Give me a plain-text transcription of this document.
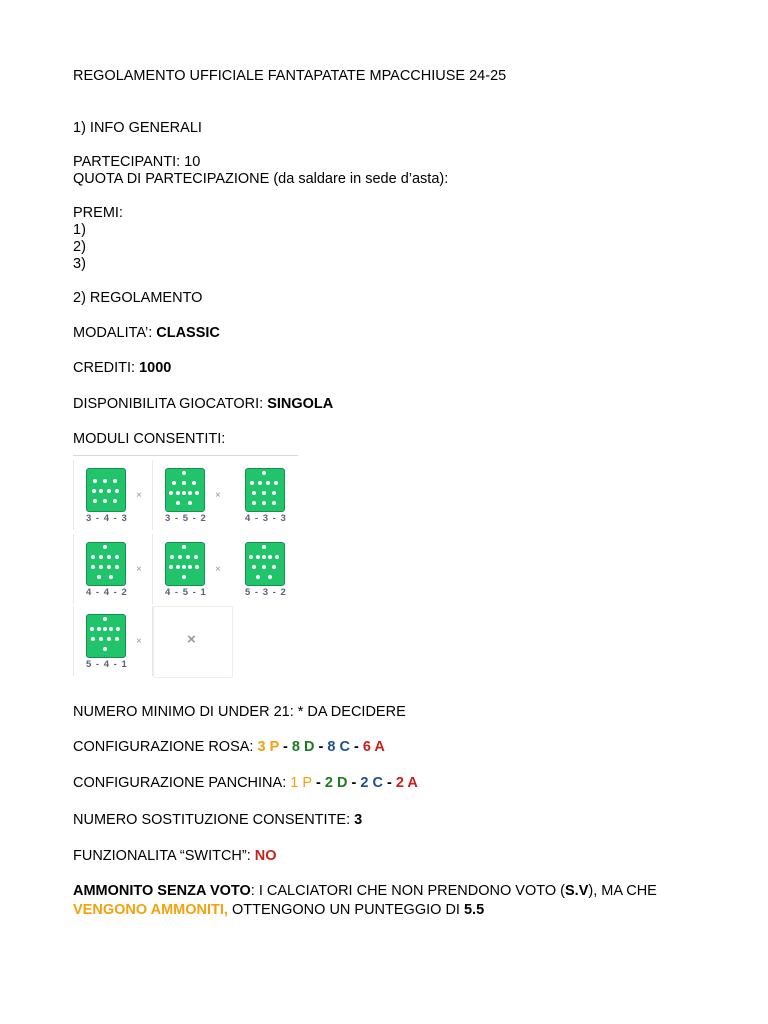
REGOLAMENTO UFFICIALE FANTAPATATE MPACCHIUSE 24-25
1) INFO GENERALI
PARTECIPANTI: 10
QUOTA DI PARTECIPAZIONE (da saldare in sede d’asta):
PREMI:
1)
2)
3)
2) REGOLAMENTO
MODALITA’: CLASSIC
CREDITI: 1000
DISPONIBILITA GIOCATORI: SINGOLA
MODULI CONSENTITI:
3 - 4 - 3
×
3 - 5 - 2
×
4 - 3 - 3
4 - 4 - 2
×
4 - 5 - 1
×
5 - 3 - 2
5 - 4 - 1
×	×
NUMERO MINIMO DI UNDER 21: * DA DECIDERE
CONFIGURAZIONE ROSA: 3 P - 8 D - 8 C - 6 A
CONFIGURAZIONE PANCHINA: 1 P - 2 D - 2 C - 2 A
NUMERO SOSTITUZIONE CONSENTITE: 3
FUNZIONALITA “SWITCH”: NO
AMMONITO SENZA VOTO: I CALCIATORI CHE NON PRENDONO VOTO (S.V), MA CHE
VENGONO AMMONITI, OTTENGONO UN PUNTEGGIO DI 5.5
